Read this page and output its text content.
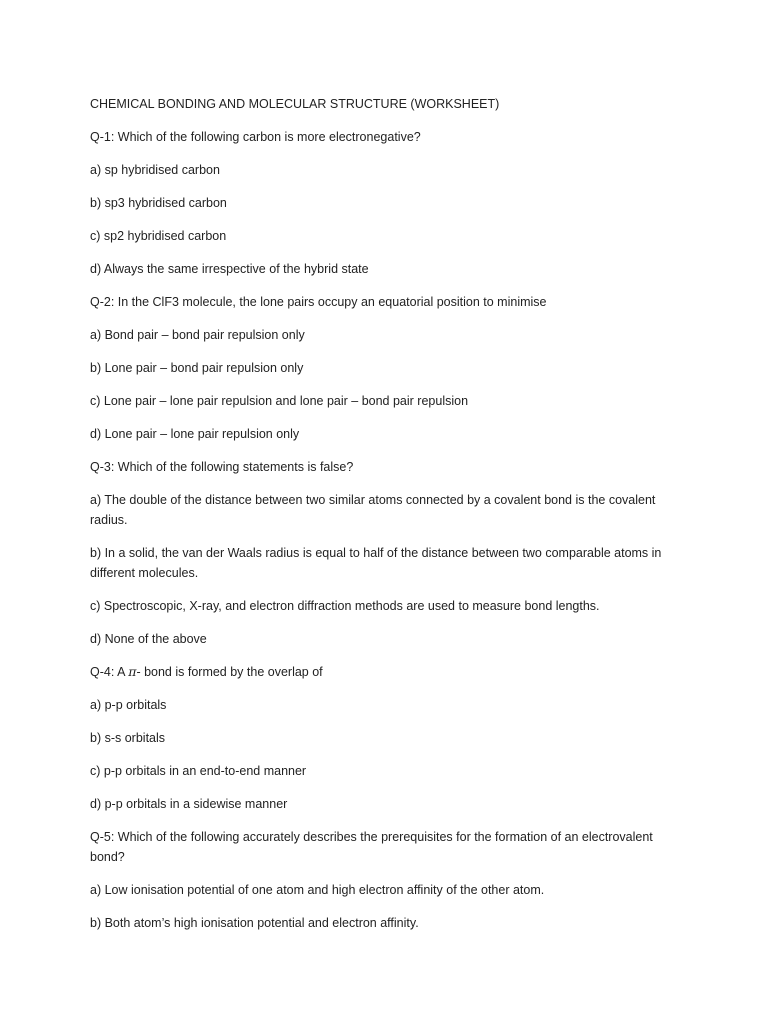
CHEMICAL BONDING AND MOLECULAR STRUCTURE (WORKSHEET)
Q-1: Which of the following carbon is more electronegative?
a) sp hybridised carbon
b) sp3 hybridised carbon
c) sp2 hybridised carbon
d) Always the same irrespective of the hybrid state
Q-2: In the ClF3 molecule, the lone pairs occupy an equatorial position to minimise
a) Bond pair – bond pair repulsion only
b) Lone pair – bond pair repulsion only
c) Lone pair – lone pair repulsion and lone pair – bond pair repulsion
d) Lone pair – lone pair repulsion only
Q-3: Which of the following statements is false?
a) The double of the distance between two similar atoms connected by a covalent bond is the covalent radius.
b) In a solid, the van der Waals radius is equal to half of the distance between two comparable atoms in different molecules.
c) Spectroscopic, X-ray, and electron diffraction methods are used to measure bond lengths.
d) None of the above
Q-4: A π- bond is formed by the overlap of
a) p-p orbitals
b) s-s orbitals
c) p-p orbitals in an end-to-end manner
d) p-p orbitals in a sidewise manner
Q-5: Which of the following accurately describes the prerequisites for the formation of an electrovalent bond?
a) Low ionisation potential of one atom and high electron affinity of the other atom.
b) Both atom’s high ionisation potential and electron affinity.
